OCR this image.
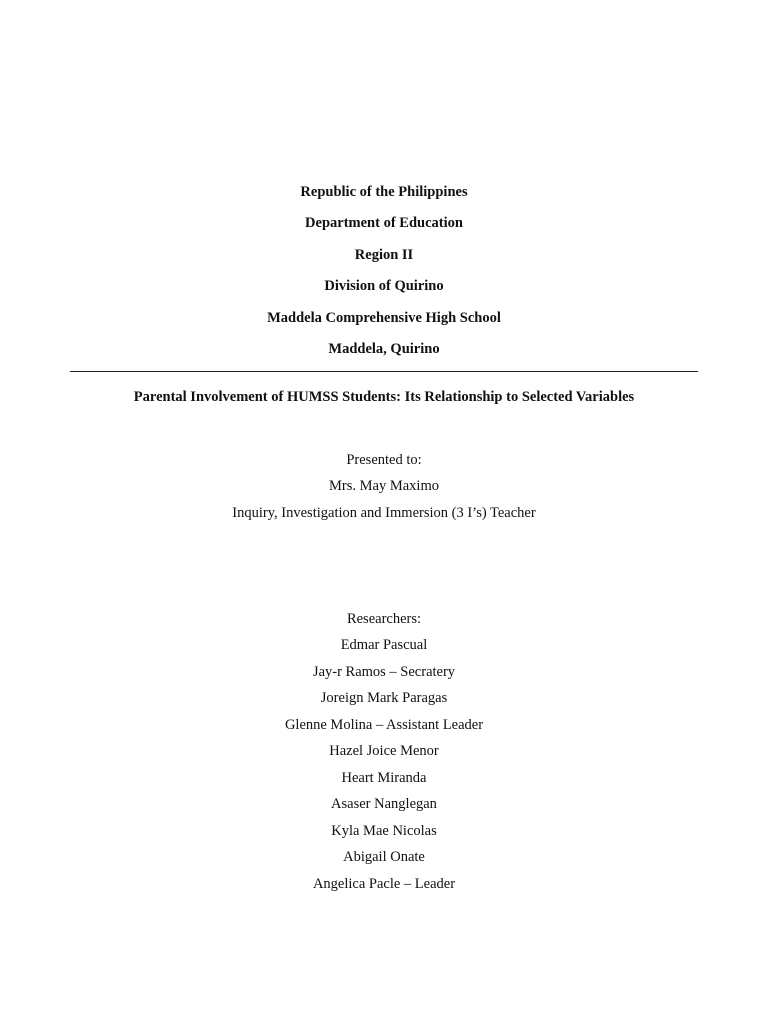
Republic of the Philippines
Department of Education
Region II
Division of Quirino
Maddela Comprehensive High School
Maddela, Quirino
Parental Involvement of HUMSS Students: Its Relationship to Selected Variables
Presented to:
Mrs. May Maximo
Inquiry, Investigation and Immersion (3 I’s) Teacher
Researchers:
Edmar Pascual
Jay-r Ramos – Secratery
Joreign Mark Paragas
Glenne Molina – Assistant Leader
Hazel Joice Menor
Heart Miranda
Asaser Nanglegan
Kyla Mae Nicolas
Abigail Onate
Angelica Pacle – Leader
